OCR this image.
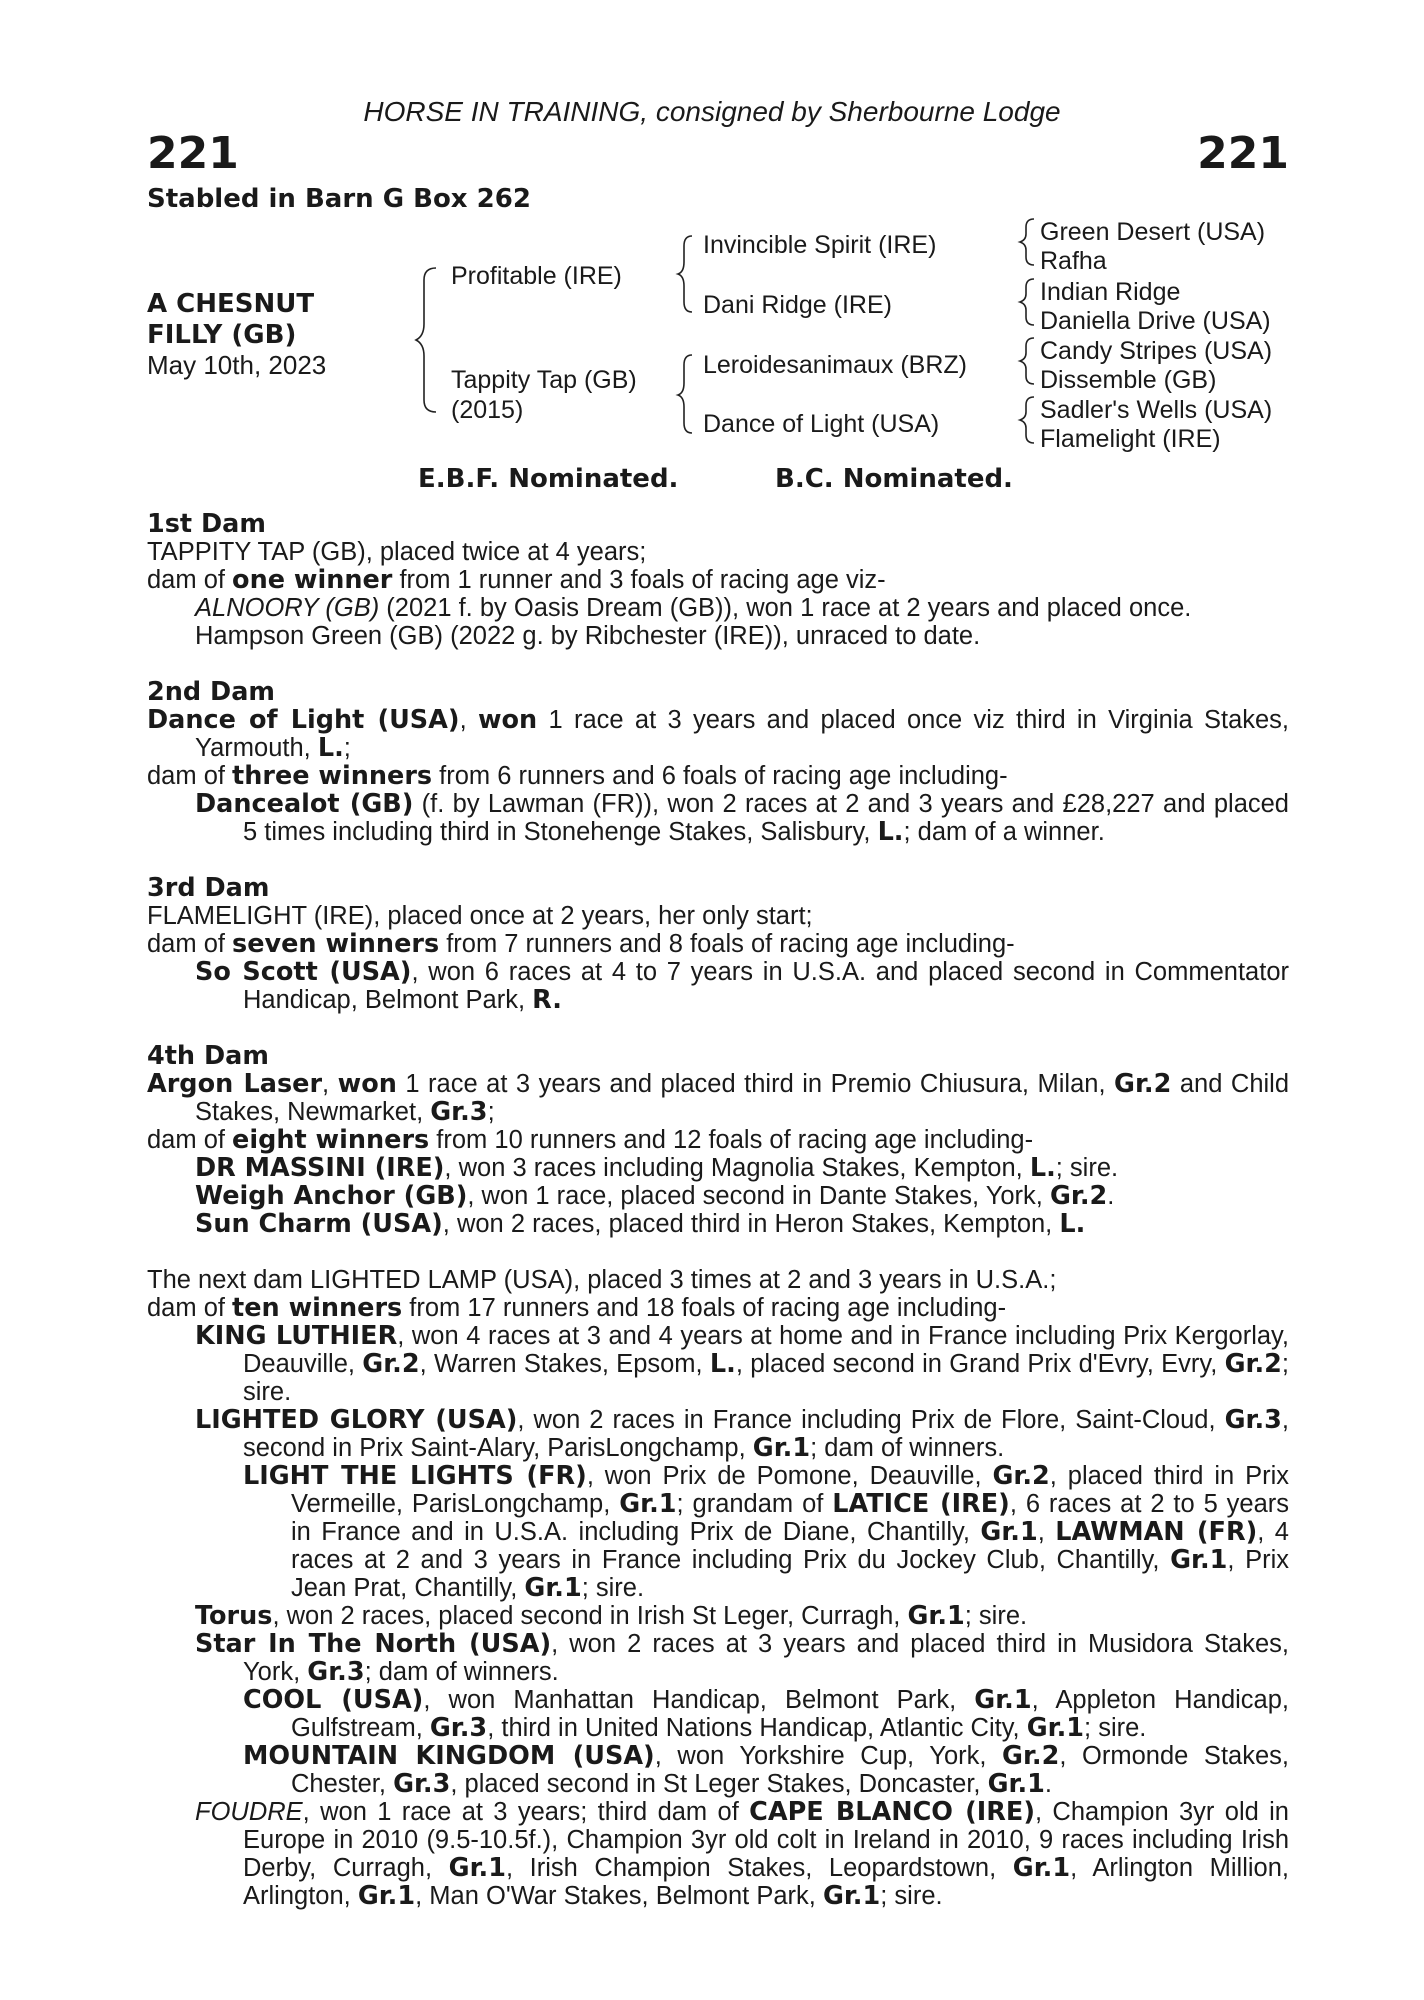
HORSE IN TRAINING, consigned by Sherbourne Lodge
221	221
Stabled in Barn G Box 262
A CHESNUT
FILLY (GB)
May 10th, 2023
Profitable (IRE)
Tappity Tap (GB)
(2015)
Invincible Spirit (IRE)
Dani Ridge (IRE)
Leroidesanimaux (BRZ)
Dance of Light (USA)
Green Desert (USA)
Rafha
Indian Ridge
Daniella Drive (USA)
Candy Stripes (USA)
Dissemble (GB)
Sadler's Wells (USA)
Flamelight (IRE)
E.B.F. Nominated.	B.C. Nominated.
1st Dam
TAPPITY TAP (GB), placed twice at 4 years;
dam of one winner from 1 runner and 3 foals of racing age viz-
ALNOORY (GB) (2021 f. by Oasis Dream (GB)), won 1 race at 2 years and placed once.
Hampson Green (GB) (2022 g. by Ribchester (IRE)), unraced to date.
2nd Dam
Dance of Light (USA), won 1 race at 3 years and placed once viz third in Virginia Stakes, Yarmouth, L.;
dam of three winners from 6 runners and 6 foals of racing age including-
Dancealot (GB) (f. by Lawman (FR)), won 2 races at 2 and 3 years and £28,227 and placed 5 times including third in Stonehenge Stakes, Salisbury, L.; dam of a winner.
3rd Dam
FLAMELIGHT (IRE), placed once at 2 years, her only start;
dam of seven winners from 7 runners and 8 foals of racing age including-
So Scott (USA), won 6 races at 4 to 7 years in U.S.A. and placed second in Commentator Handicap, Belmont Park, R.
4th Dam
Argon Laser, won 1 race at 3 years and placed third in Premio Chiusura, Milan, Gr.2 and Child Stakes, Newmarket, Gr.3;
dam of eight winners from 10 runners and 12 foals of racing age including-
DR MASSINI (IRE), won 3 races including Magnolia Stakes, Kempton, L.; sire.
Weigh Anchor (GB), won 1 race, placed second in Dante Stakes, York, Gr.2.
Sun Charm (USA), won 2 races, placed third in Heron Stakes, Kempton, L.
The next dam LIGHTED LAMP (USA), placed 3 times at 2 and 3 years in U.S.A.;
dam of ten winners from 17 runners and 18 foals of racing age including-
KING LUTHIER, won 4 races at 3 and 4 years at home and in France including Prix Kergorlay, Deauville, Gr.2, Warren Stakes, Epsom, L., placed second in Grand Prix d'Evry, Evry, Gr.2; sire.
LIGHTED GLORY (USA), won 2 races in France including Prix de Flore, Saint-Cloud, Gr.3, second in Prix Saint-Alary, ParisLongchamp, Gr.1; dam of winners.
LIGHT THE LIGHTS (FR), won Prix de Pomone, Deauville, Gr.2, placed third in Prix Vermeille, ParisLongchamp, Gr.1; grandam of LATICE (IRE), 6 races at 2 to 5 years in France and in U.S.A. including Prix de Diane, Chantilly, Gr.1, LAWMAN (FR), 4 races at 2 and 3 years in France including Prix du Jockey Club, Chantilly, Gr.1, Prix Jean Prat, Chantilly, Gr.1; sire.
Torus, won 2 races, placed second in Irish St Leger, Curragh, Gr.1; sire.
Star In The North (USA), won 2 races at 3 years and placed third in Musidora Stakes, York, Gr.3; dam of winners.
COOL (USA), won Manhattan Handicap, Belmont Park, Gr.1, Appleton Handicap, Gulfstream, Gr.3, third in United Nations Handicap, Atlantic City, Gr.1; sire.
MOUNTAIN KINGDOM (USA), won Yorkshire Cup, York, Gr.2, Ormonde Stakes, Chester, Gr.3, placed second in St Leger Stakes, Doncaster, Gr.1.
FOUDRE, won 1 race at 3 years; third dam of CAPE BLANCO (IRE), Champion 3yr old in Europe in 2010 (9.5-10.5f.), Champion 3yr old colt in Ireland in 2010, 9 races including Irish Derby, Curragh, Gr.1, Irish Champion Stakes, Leopardstown, Gr.1, Arlington Million, Arlington, Gr.1, Man O'War Stakes, Belmont Park, Gr.1; sire.
